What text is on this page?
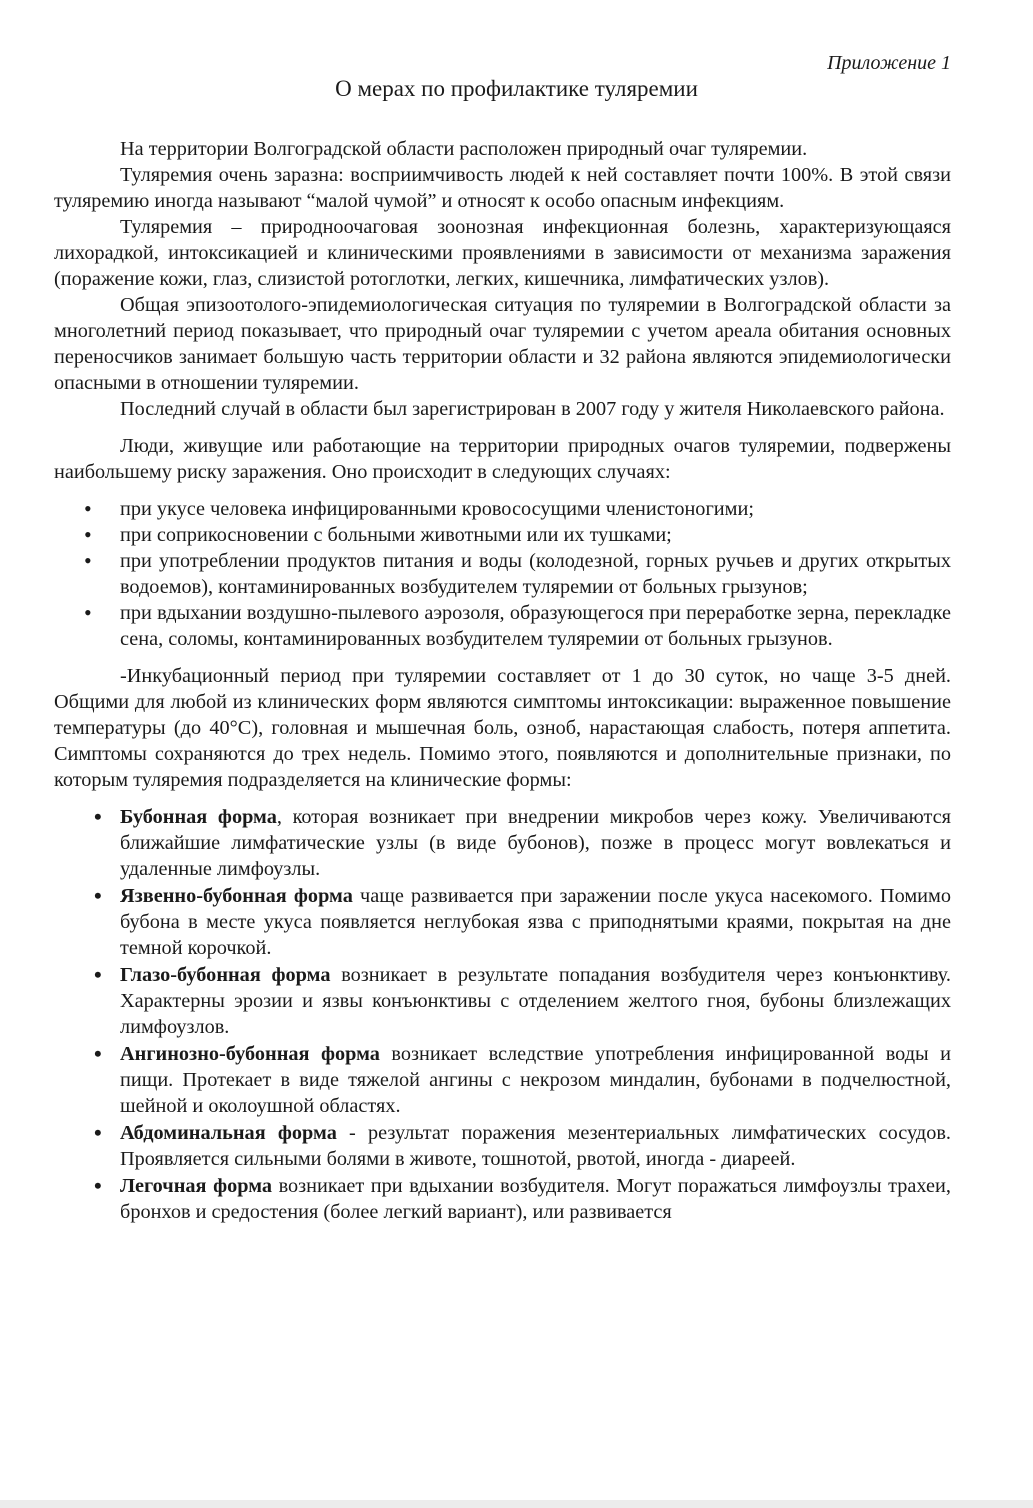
Приложение 1
О мерах по профилактике туляремии

На территории Волгоградской области расположен природный очаг туляремии.

Туляремия очень заразна: восприимчивость людей к ней составляет почти 100%. В этой связи туляремию иногда называют “малой чумой” и относят к особо опасным инфекциям.

Туляремия – природноочаговая зоонозная инфекционная болезнь, характеризующаяся лихорадкой, интоксикацией и клиническими проявлениями в зависимости от механизма заражения (поражение кожи, глаз, слизистой ротоглотки, легких, кишечника, лимфатических узлов).

Общая эпизоотолого-эпидемиологическая ситуация по туляремии в Волгоградской области за многолетний период показывает, что природный очаг туляремии с учетом ареала обитания основных переносчиков занимает большую часть территории области и 32 района являются эпидемиологически опасными в отношении туляремии.

Последний случай в области был зарегистрирован в 2007 году у жителя Николаевского района.

Люди, живущие или работающие на территории природных очагов туляремии, подвержены наибольшему риску заражения. Оно происходит в следующих случаях:

• при укусе человека инфицированными кровососущими членистоногими;
• при соприкосновении с больными животными или их тушками;
• при употреблении продуктов питания и воды (колодезной, горных ручьев и других открытых водоемов), контаминированных возбудителем туляремии от больных грызунов;
• при вдыхании воздушно-пылевого аэрозоля, образующегося при переработке зерна, перекладке сена, соломы, контаминированных возбудителем туляремии от больных грызунов.

-Инкубационный период при туляремии составляет от 1 до 30 суток, но чаще 3-5 дней. Общими для любой из клинических форм являются симптомы интоксикации: выраженное повышение температуры (до 40°C), головная и мышечная боль, озноб, нарастающая слабость, потеря аппетита. Симптомы сохраняются до трех недель. Помимо этого, появляются и дополнительные признаки, по которым туляремия подразделяется на клинические формы:

• Бубонная форма, которая возникает при внедрении микробов через кожу. Увеличиваются ближайшие лимфатические узлы (в виде бубонов), позже в процесс могут вовлекаться и удаленные лимфоузлы.
• Язвенно-бубонная форма чаще развивается при заражении после укуса насекомого. Помимо бубона в месте укуса появляется неглубокая язва с приподнятыми краями, покрытая на дне темной корочкой.
• Глазо-бубонная форма возникает в результате попадания возбудителя через конъюнктиву. Характерны эрозии и язвы конъюнктивы с отделением желтого гноя, бубоны близлежащих лимфоузлов.
• Ангинозно-бубонная форма возникает вследствие употребления инфицированной воды и пищи. Протекает в виде тяжелой ангины с некрозом миндалин, бубонами в подчелюстной, шейной и околоушной областях.
• Абдоминальная форма - результат поражения мезентериальных лимфатических сосудов. Проявляется сильными болями в животе, тошнотой, рвотой, иногда - диареей.
• Легочная форма возникает при вдыхании возбудителя. Могут поражаться лимфоузлы трахеи, бронхов и средостения (более легкий вариант), или развивается
